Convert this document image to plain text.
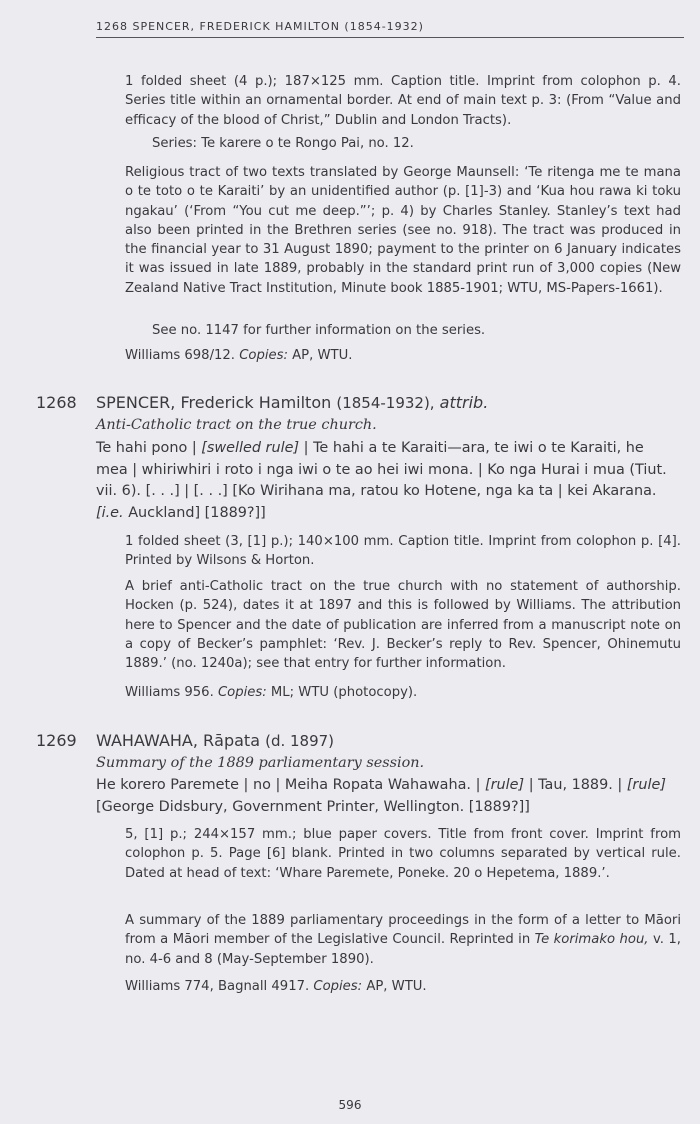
1268 SPENCER, FREDERICK HAMILTON (1854-1932)

1 folded sheet (4 p.); 187×125 mm. Caption title. Imprint from colophon p. 4. Series title within an ornamental border. At end of main text p. 3: (From “Value and efficacy of the blood of Christ,” Dublin and London Tracts).

Series: Te karere o te Rongo Pai, no. 12.

Religious tract of two texts translated by George Maunsell: ‘Te ritenga me te mana o te toto o te Karaiti’ by an unidentified author (p. [1]-3) and ‘Kua hou rawa ki toku ngakau’ (‘From “You cut me deep.”’; p. 4) by Charles Stanley. Stanley’s text had also been printed in the Brethren series (see no. 918). The tract was produced in the financial year to 31 August 1890; payment to the printer on 6 January indicates it was issued in late 1889, probably in the standard print run of 3,000 copies (New Zealand Native Tract Institution, Minute book 1885-1901; WTU, MS-Papers-1661).

See no. 1147 for further information on the series.

Williams 698/12. Copies: AP, WTU.

1268 SPENCER, Frederick Hamilton (1854-1932), attrib.
Anti-Catholic tract on the true church.

Te hahi pono | [swelled rule] | Te hahi a te Karaiti—ara, te iwi o te Karaiti, he mea | whiriwhiri i roto i nga iwi o te ao hei iwi mona. | Ko nga Hurai i mua (Tiut. vii. 6). [. . .] | [. . .] [Ko Wirihana ma, ratou ko Hotene, nga ka ta | kei Akarana. [i.e. Auckland] [1889?]]

1 folded sheet (3, [1] p.); 140×100 mm. Caption title. Imprint from colophon p. [4]. Printed by Wilsons & Horton.

A brief anti-Catholic tract on the true church with no statement of authorship. Hocken (p. 524), dates it at 1897 and this is followed by Williams. The attribution here to Spencer and the date of publication are inferred from a manuscript note on a copy of Becker’s pamphlet: ‘Rev. J. Becker’s reply to Rev. Spencer, Ohinemutu 1889.’ (no. 1240a); see that entry for further information.

Williams 956. Copies: ML; WTU (photocopy).

1269 WAHAWAHA, Rāpata (d. 1897)
Summary of the 1889 parliamentary session.

He korero Paremete | no | Meiha Ropata Wahawaha. | [rule] | Tau, 1889. | [rule] [George Didsbury, Government Printer, Wellington. [1889?]]

5, [1] p.; 244×157 mm.; blue paper covers. Title from front cover. Imprint from colophon p. 5. Page [6] blank. Printed in two columns separated by vertical rule. Dated at head of text: ‘Whare Paremete, Poneke. 20 o Hepetema, 1889.’.

A summary of the 1889 parliamentary proceedings in the form of a letter to Māori from a Māori member of the Legislative Council. Reprinted in Te korimako hou, v. 1, no. 4-6 and 8 (May-September 1890).

Williams 774, Bagnall 4917. Copies: AP, WTU.

596
